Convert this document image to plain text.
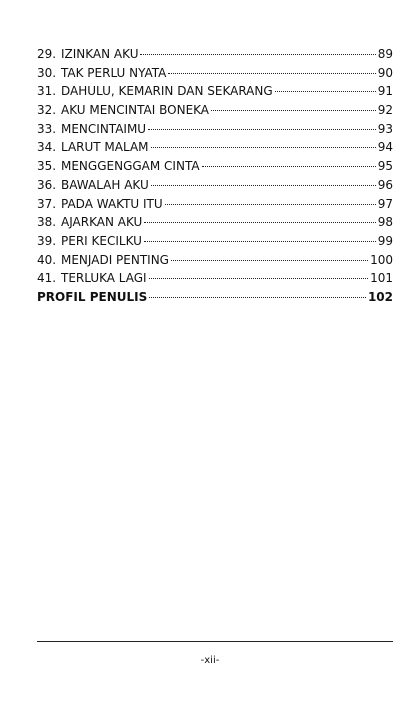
29. IZINKAN AKU	89
30. TAK PERLU NYATA	90
31. DAHULU, KEMARIN DAN SEKARANG	91
32. AKU MENCINTAI BONEKA	92
33. MENCINTAIMU	93
34. LARUT MALAM	94
35. MENGGENGGAM CINTA	95
36. BAWALAH AKU	96
37. PADA WAKTU ITU	97
38. AJARKAN AKU	98
39. PERI KECILKU	99
40. MENJADI PENTING	100
41. TERLUKA LAGI	101
PROFIL PENULIS	102
-xii-
